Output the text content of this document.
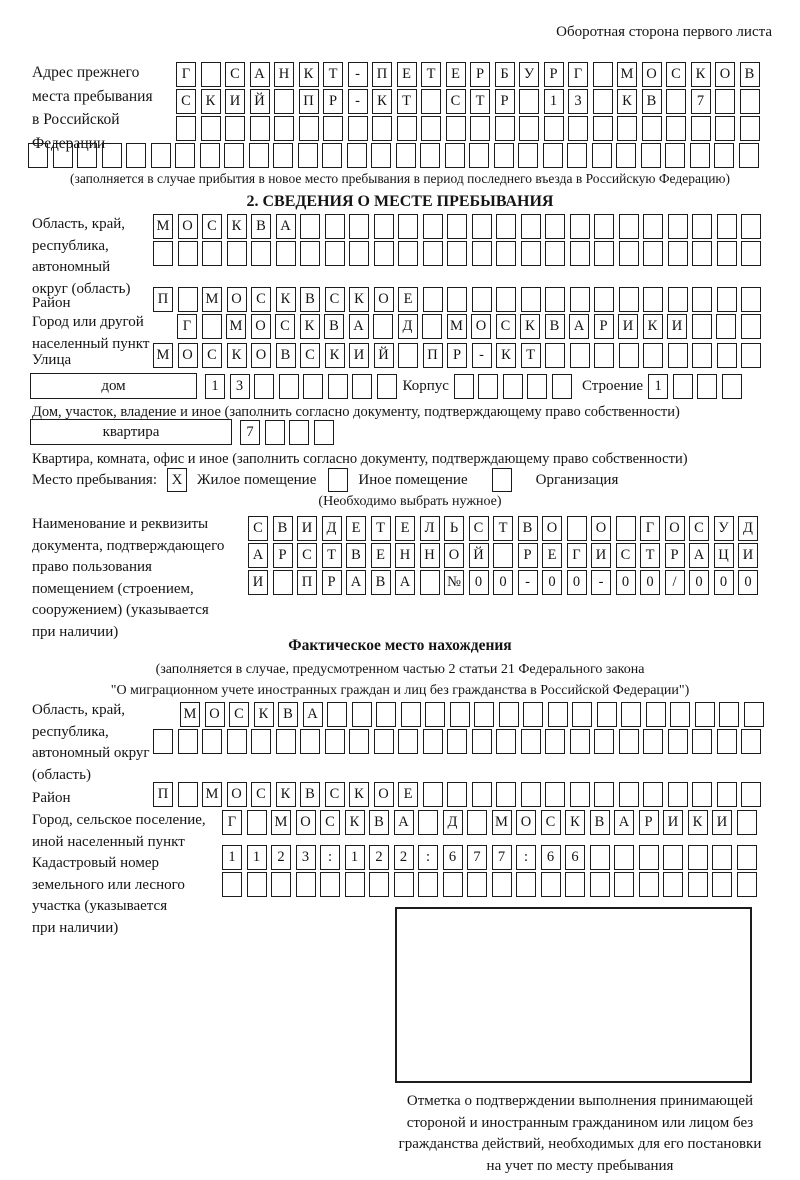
Оборотная сторона первого листа
Адрес прежнего
места пребывания
в Российской
Федерации
Г	С А Н К	Т	-	П	Е	Т	Е	Р	Б	У	Р	Г	М О С	К О В
С	К И Й	П	Р	-	К	Т	С	Т	Р	1	3	К	В	7
(заполняется в случае прибытия в новое место пребывания в период последнего въезда в Российскую Федерацию)
2. СВЕДЕНИЯ О МЕСТЕ ПРЕБЫВАНИЯ
Область, край,
республика,
автономный
округ (область)
М О С	К	В А
Район	П	М О С	К	В	С	К О	Е
Город или другой
населенный пункт
Г	М О С	К	В А	Д	М О С	К	В А	Р	И К И
Улица	М О С	К О В	С	К И Й	П	Р	-	К	Т
дом	1	3	Корпус	Строение 1
Дом, участок, владение и иное (заполнить согласно документу, подтверждающему право собственности)
квартира	7
Квартира, комната, офис и иное (заполнить согласно документу, подтверждающему право собственности)
Место пребывания: X Жилое помещение	Иное помещение	Организация
(Необходимо выбрать нужное)
Наименование и реквизиты
документа, подтверждающего
право пользования
помещением (строением,
сооружением) (указывается
при наличии)
С	В И Д	Е	Т	Е	Л	Ь	С	Т	В О	О	Г	О С	У Д
А	Р	С	Т	В	Е	Н Н О Й	Р	Е	Г	И С	Т	Р	А Ц И
И	П	Р	А В А	№ 0	0	-	0	0	-	0	0	/	0	0	0
Фактическое место нахождения
(заполняется в случае, предусмотренном частью 2 статьи 21 Федерального закона
"О миграционном учете иностранных граждан и лиц без гражданства в Российской Федерации")
Область, край,
республика,
автономный округ
(область)
М О С	К	В А
Район	П	М О С	К	В	С	К О	Е
Город, сельское поселение,
иной населенный пункт
Г	М О С	К	В А	Д	М О С	К	В А	Р	И К И
Кадастровый номер
земельного или лесного
участка (указывается
при наличии)
1	1	2	3	:	1	2	2	:	6	7	7	:	6	6
Отметка о подтверждении выполнения принимающей
стороной и иностранным гражданином или лицом без
гражданства действий, необходимых для его постановки
на учет по месту пребывания
